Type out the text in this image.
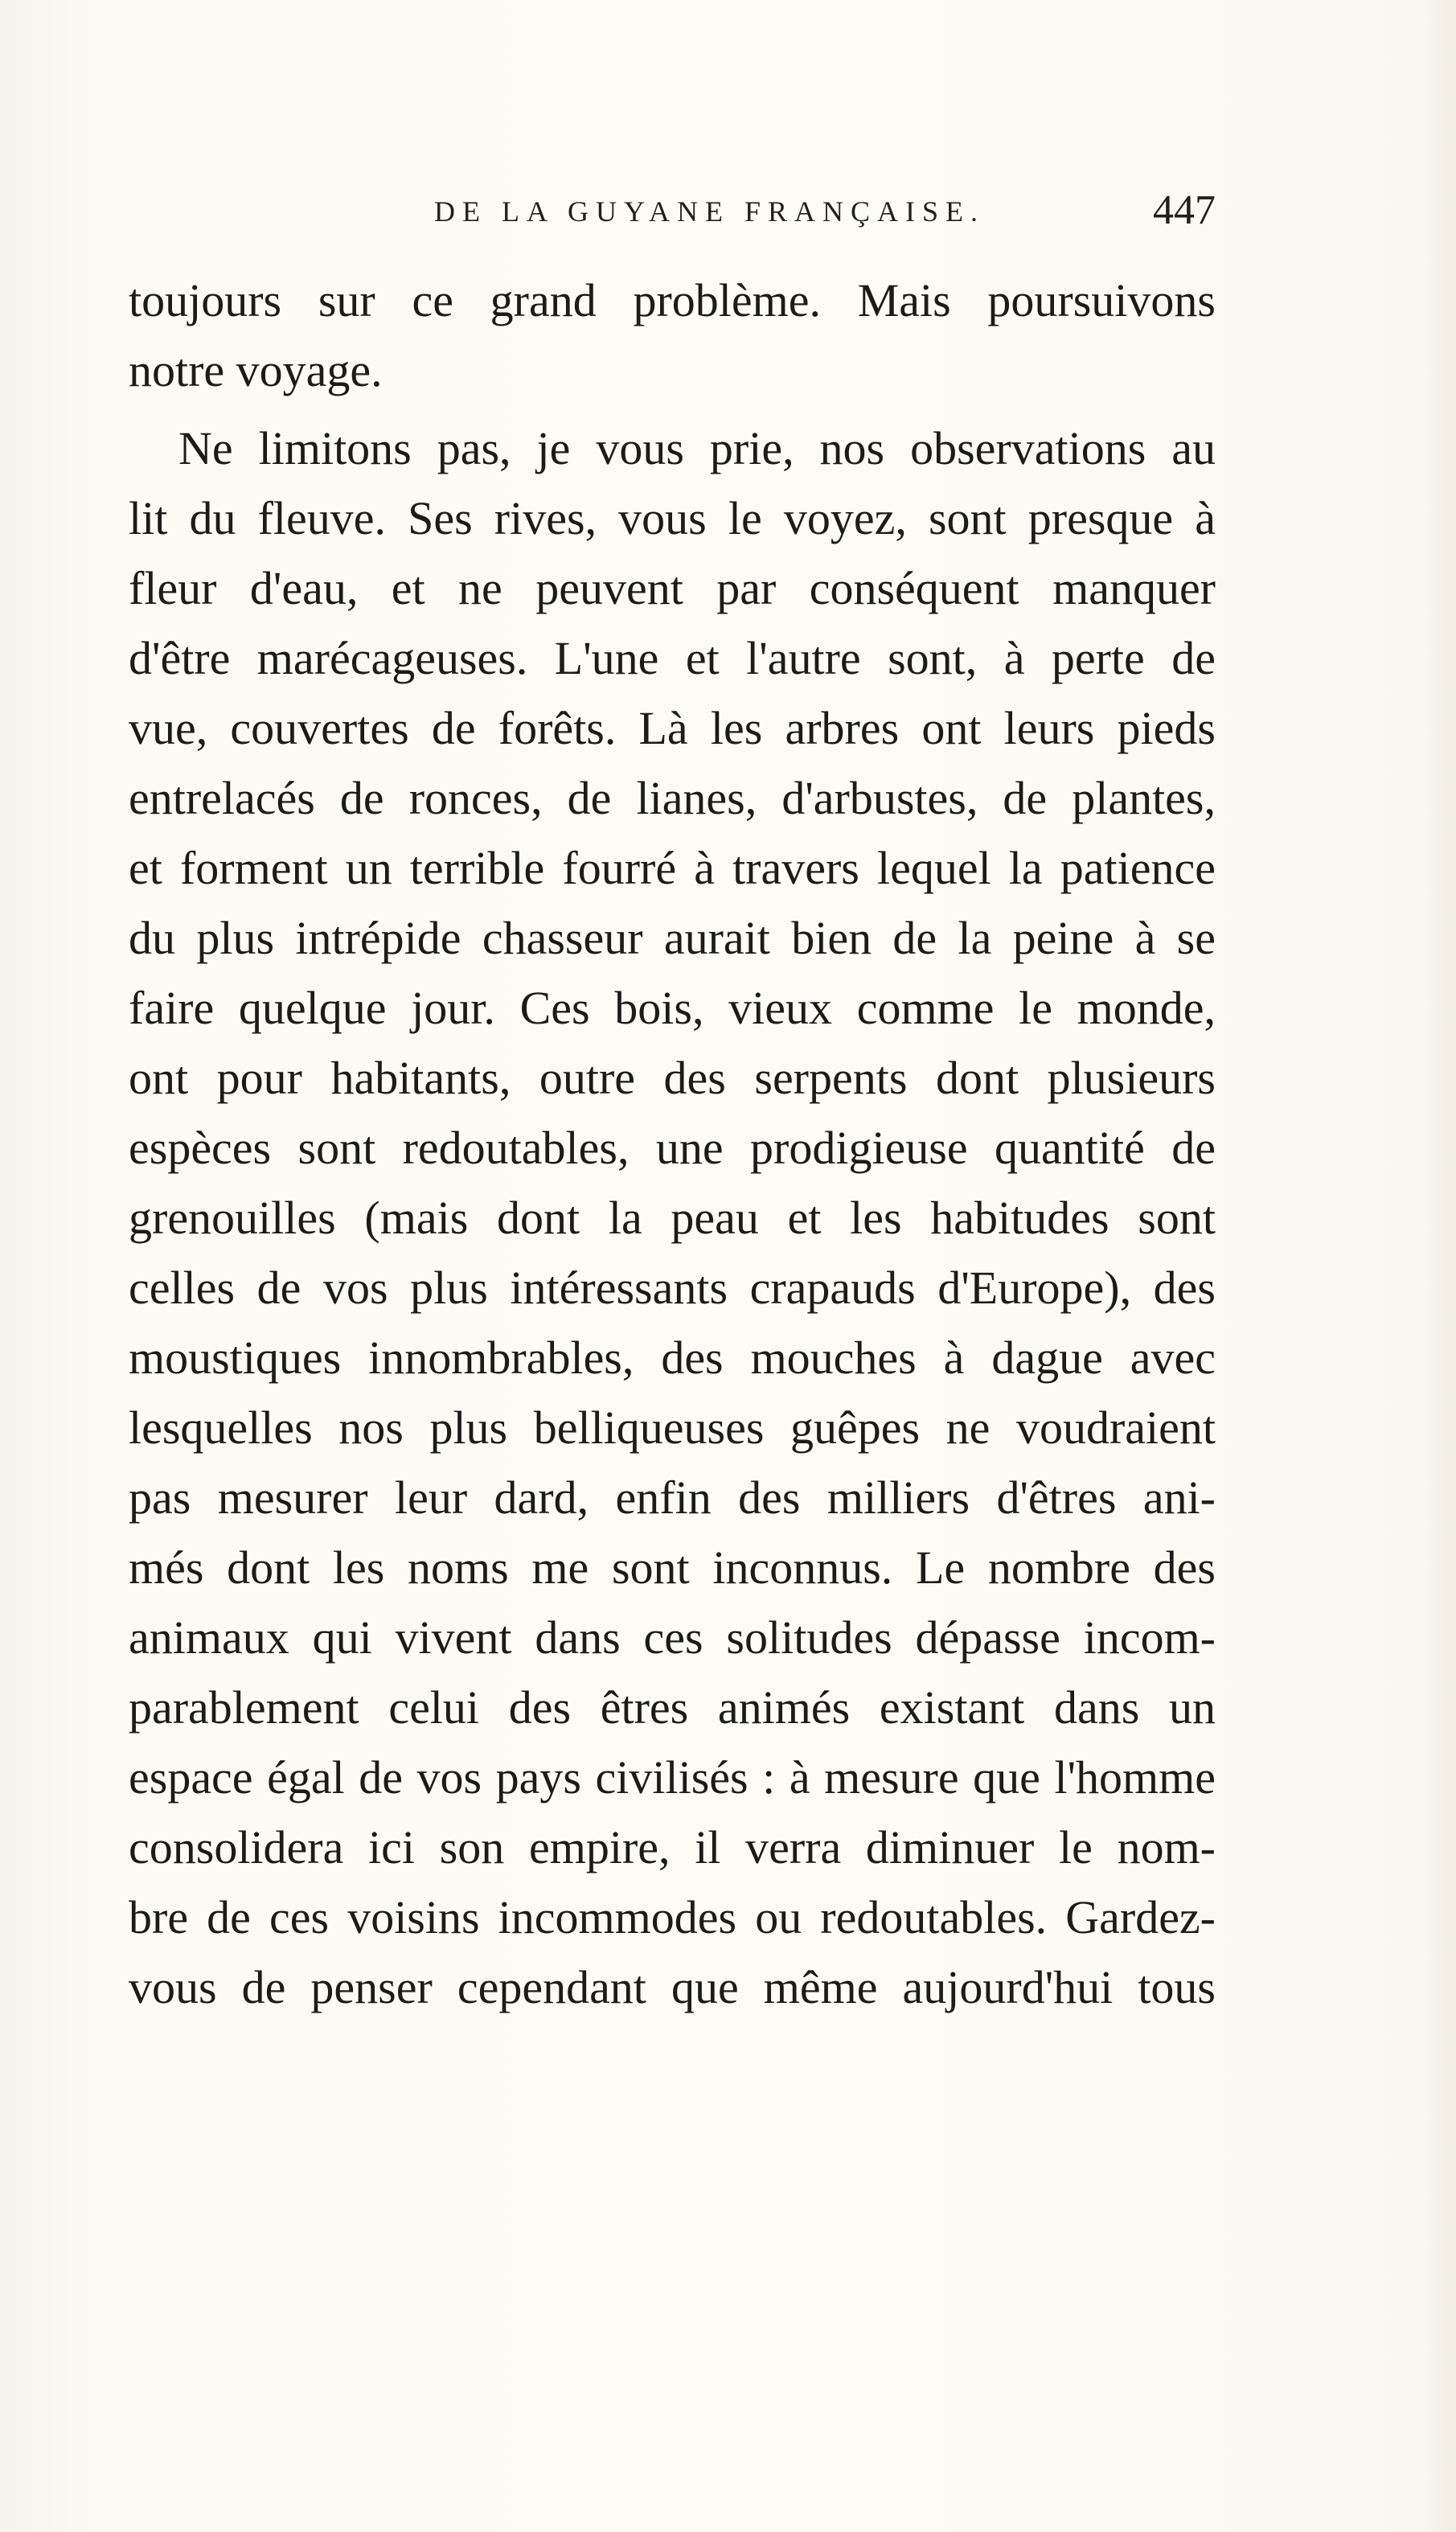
DE LA GUYANE FRANÇAISE.	447
toujours sur ce grand problème. Mais poursuivons
notre voyage.
Ne limitons pas, je vous prie, nos observations au
lit du fleuve. Ses rives, vous le voyez, sont presque à
fleur d'eau, et ne peuvent par conséquent manquer
d'être marécageuses. L'une et l'autre sont, à perte de
vue, couvertes de forêts. Là les arbres ont leurs pieds
entrelacés de ronces, de lianes, d'arbustes, de plantes,
et forment un terrible fourré à travers lequel la patience
du plus intrépide chasseur aurait bien de la peine à se
faire quelque jour. Ces bois, vieux comme le monde,
ont pour habitants, outre des serpents dont plusieurs
espèces sont redoutables, une prodigieuse quantité de
grenouilles (mais dont la peau et les habitudes sont
celles de vos plus intéressants crapauds d'Europe), des
moustiques innombrables, des mouches à dague avec
lesquelles nos plus belliqueuses guêpes ne voudraient
pas mesurer leur dard, enfin des milliers d'êtres ani-
més dont les noms me sont inconnus. Le nombre des
animaux qui vivent dans ces solitudes dépasse incom-
parablement celui des êtres animés existant dans un
espace égal de vos pays civilisés : à mesure que l'homme
consolidera ici son empire, il verra diminuer le nom-
bre de ces voisins incommodes ou redoutables. Gardez-
vous de penser cependant que même aujourd'hui tous
